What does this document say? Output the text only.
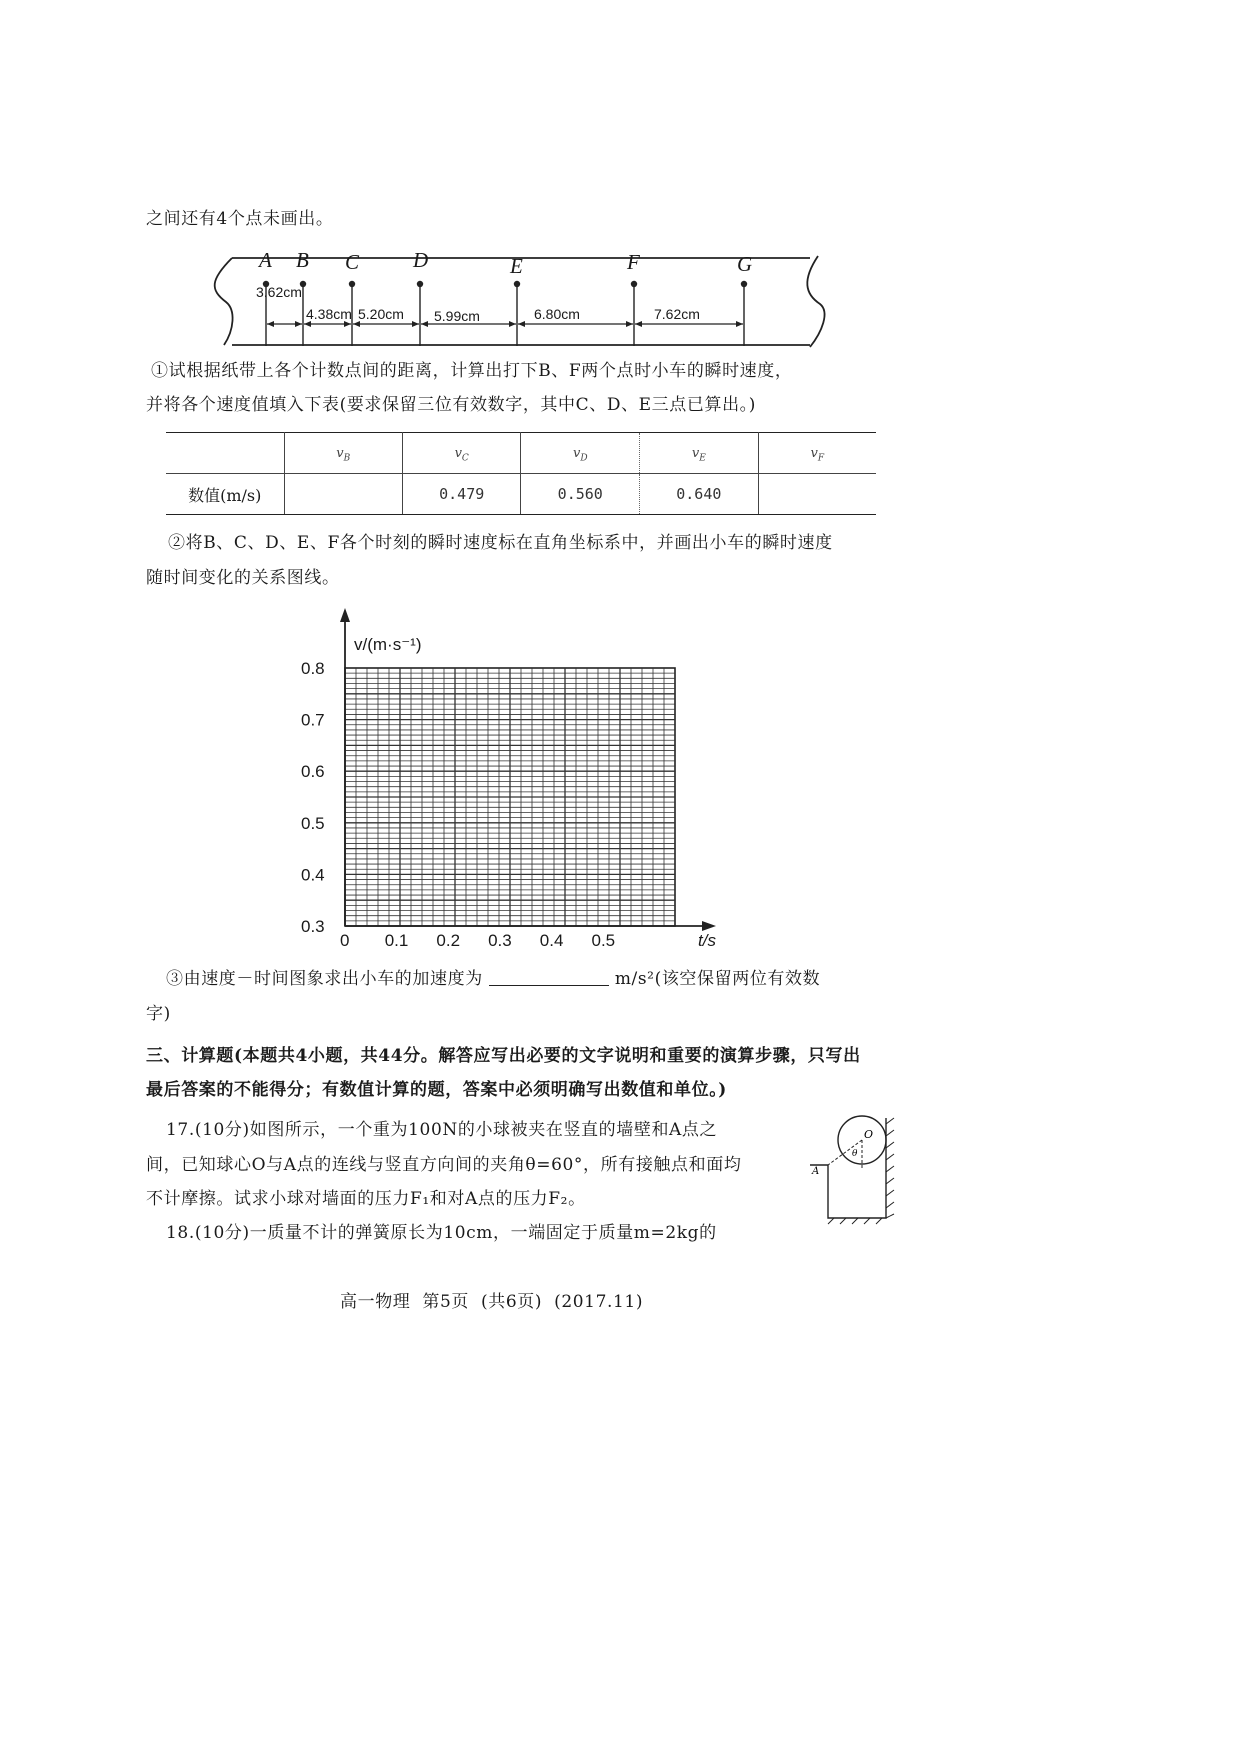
之间还有4个点未画出。
A B C	D	E	F	G
3.62cm
4.38cm 5.20cm 5.99cm	6.80cm	7.62cm
①试根据纸带上各个计数点间的距离，计算出打下B、F两个点时小车的瞬时速度，
并将各个速度值填入下表(要求保留三位有效数字，其中C、D、E三点已算出。)
	$v_B$	$v_C$	$v_D$	$v_E$	$v_F$
数值(m/s)		0.479	0.560	0.640	
②将B、C、D、E、F各个时刻的瞬时速度标在直角坐标系中，并画出小车的瞬时速度
随时间变化的关系图线。
v/(m·s⁻¹)
t/s
0.8
0.7
0.6
0.5
0.4
0.3
0 0.1 0.2 0.3 0.4 0.5
③由速度－时间图象求出小车的加速度为	m/s²(该空保留两位有效数
字)
三、计算题(本题共4小题，共44分。解答应写出必要的文字说明和重要的演算步骤，只写出
最后答案的不能得分；有数值计算的题，答案中必须明确写出数值和单位。)
17.(10分)如图所示，一个重为100N的小球被夹在竖直的墙壁和A点之
间，已知球心O与A点的连线与竖直方向间的夹角θ=60°，所有接触点和面均
不计摩擦。试求小球对墙面的压力F₁和对A点的压力F₂。
O
θ
A
18.(10分)一质量不计的弹簧原长为10cm，一端固定于质量m=2kg的
高一物理  第5页  (共6页)  (2017.11)
